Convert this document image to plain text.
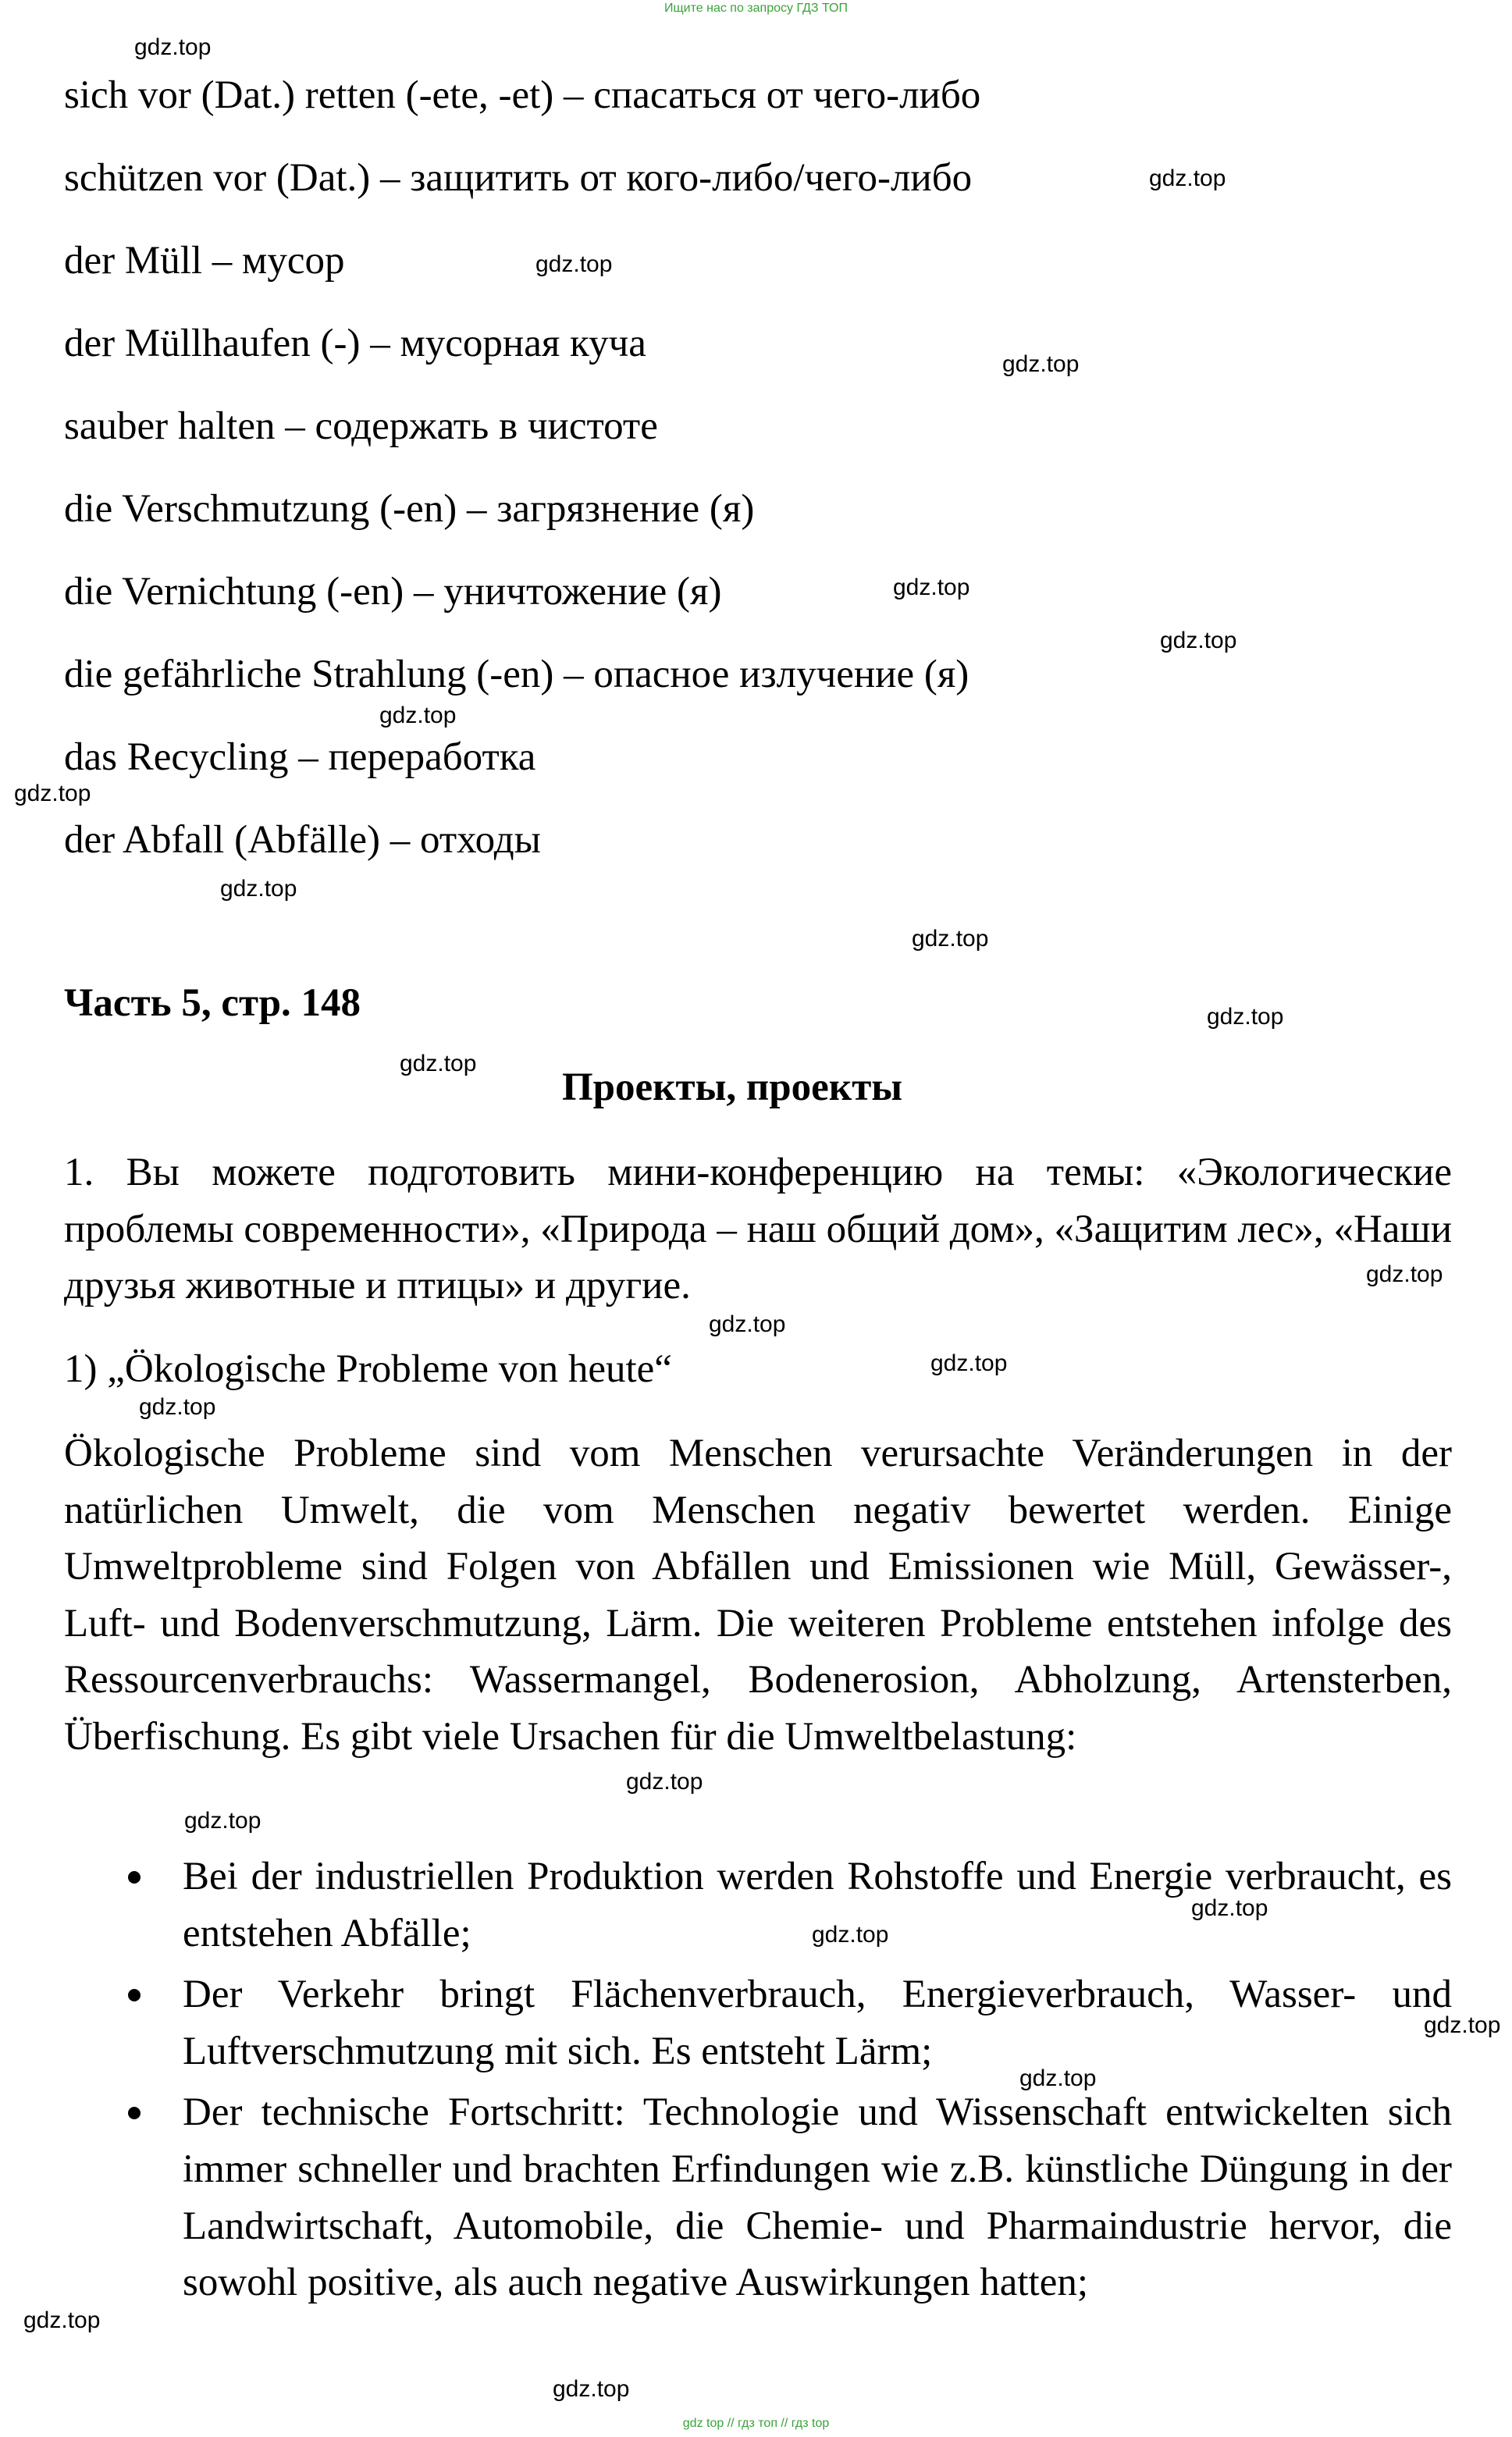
Ищите нас по запросу ГДЗ ТОП
sich vor (Dat.) retten (-ete, -et) – спасаться от чего-либо
schützen vor (Dat.) – защитить от кого-либо/чего-либо
der Müll – мусор
der Müllhaufen (-) – мусорная куча
sauber halten – содержать в чистоте
die Verschmutzung (-en) – загрязнение (я)
die Vernichtung (-en) – уничтожение (я)
die gefährliche Strahlung (-en) – опасное излучение (я)
das Recycling – переработка
der Abfall (Abfälle) – отходы
Часть 5, стр. 148
Проекты, проекты
1. Вы можете подготовить мини-конференцию на темы: «Экологические проблемы современности», «Природа – наш общий дом», «Защитим лес», «Наши друзья животные и птицы» и другие.
1) „Ökologische Probleme von heute“
Ökologische Probleme sind vom Menschen verursachte Veränderungen in der natürlichen Umwelt, die vom Menschen negativ bewertet werden. Einige Umweltprobleme sind Folgen von Abfällen und Emissionen wie Müll, Gewässer-, Luft- und Bodenverschmutzung, Lärm. Die weiteren Probleme entstehen infolge des Ressourcenverbrauchs: Wassermangel, Bodenerosion, Abholzung, Artensterben, Überfischung. Es gibt viele Ursachen für die Umweltbelastung:
Bei der industriellen Produktion werden Rohstoffe und Energie verbraucht, es entstehen Abfälle;
Der Verkehr bringt Flächenverbrauch, Energieverbrauch, Wasser- und Luftverschmutzung mit sich. Es entsteht Lärm;
Der technische Fortschritt: Technologie und Wissenschaft entwickelten sich immer schneller und brachten Erfindungen wie z.B. künstliche Düngung in der Landwirtschaft, Automobile, die Chemie- und Pharmaindustrie hervor, die sowohl positive, als auch negative Auswirkungen hatten;
gdz.top
gdz.top
gdz.top
gdz.top
gdz.top
gdz.top
gdz.top
gdz.top
gdz.top
gdz.top
gdz.top
gdz.top
gdz.top
gdz.top
gdz.top
gdz.top
gdz.top
gdz.top
gdz.top
gdz.top
gdz.top
gdz.top
gdz.top
gdz.top
gdz top // гдз топ // гдз top
